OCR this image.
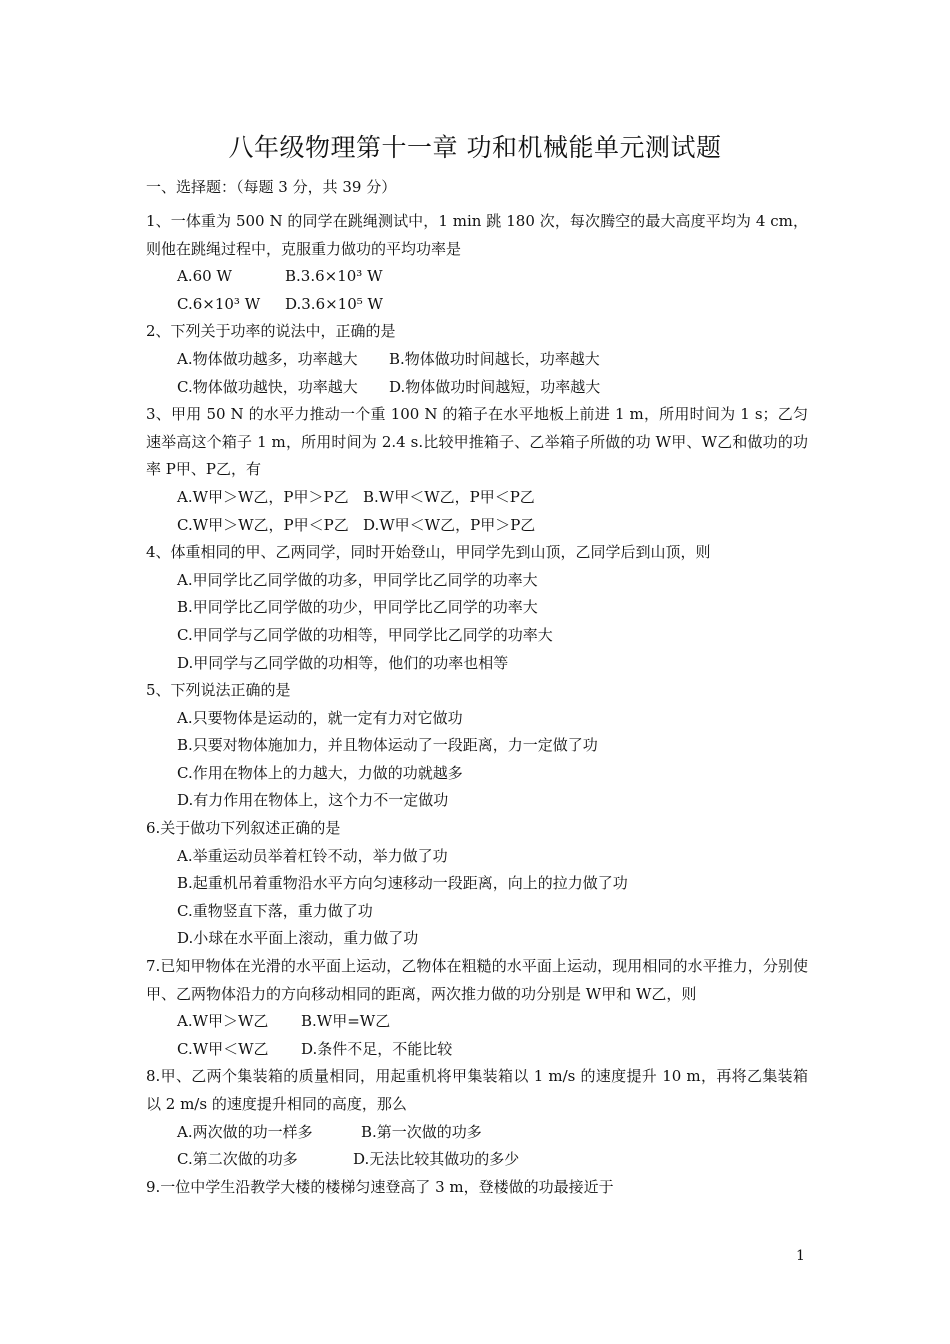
八年级物理第十一章 功和机械能单元测试题
一、选择题：（每题 3 分，共 39 分）

1、一体重为 500 N 的同学在跳绳测试中，1 min 跳 180 次，每次腾空的最大高度平均为 4 cm，则他在跳绳过程中，克服重力做功的平均功率是

A.60 W	B.3.6×10³ W
C.6×10³ W	D.3.6×10⁵ W

2、下列关于功率的说法中，正确的是

A.物体做功越多，功率越大	B.物体做功时间越长，功率越大
C.物体做功越快，功率越大	D.物体做功时间越短，功率越大

3、甲用 50 N 的水平力推动一个重 100 N 的箱子在水平地板上前进 1 m，所用时间为 1 s；乙匀速举高这个箱子 1 m，所用时间为 2.4 s.比较甲推箱子、乙举箱子所做的功 W甲、W乙和做功的功率 P甲、P乙，有

A.W甲＞W乙，P甲＞P乙 B.W甲＜W乙，P甲＜P乙
C.W甲＞W乙，P甲＜P乙 D.W甲＜W乙，P甲＞P乙

4、体重相同的甲、乙两同学，同时开始登山，甲同学先到山顶，乙同学后到山顶，则

A.甲同学比乙同学做的功多，甲同学比乙同学的功率大
B.甲同学比乙同学做的功少，甲同学比乙同学的功率大
C.甲同学与乙同学做的功相等，甲同学比乙同学的功率大
D.甲同学与乙同学做的功相等，他们的功率也相等

5、下列说法正确的是

A.只要物体是运动的，就一定有力对它做功
B.只要对物体施加力，并且物体运动了一段距离，力一定做了功
C.作用在物体上的力越大，力做的功就越多
D.有力作用在物体上，这个力不一定做功

6.关于做功下列叙述正确的是

A.举重运动员举着杠铃不动，举力做了功
B.起重机吊着重物沿水平方向匀速移动一段距离，向上的拉力做了功
C.重物竖直下落，重力做了功
D.小球在水平面上滚动，重力做了功

7.已知甲物体在光滑的水平面上运动，乙物体在粗糙的水平面上运动，现用相同的水平推力，分别使甲、乙两物体沿力的方向移动相同的距离，两次推力做的功分别是 W甲和 W乙，则

A.W甲＞W乙	B.W甲=W乙
C.W甲＜W乙	D.条件不足，不能比较

8.甲、乙两个集装箱的质量相同，用起重机将甲集装箱以 1 m/s 的速度提升 10 m，再将乙集装箱以 2 m/s 的速度提升相同的高度，那么

A.两次做的功一样多	B.第一次做的功多
C.第二次做的功多	D.无法比较其做功的多少

9.一位中学生沿教学大楼的楼梯匀速登高了 3 m，登楼做的功最接近于

1
